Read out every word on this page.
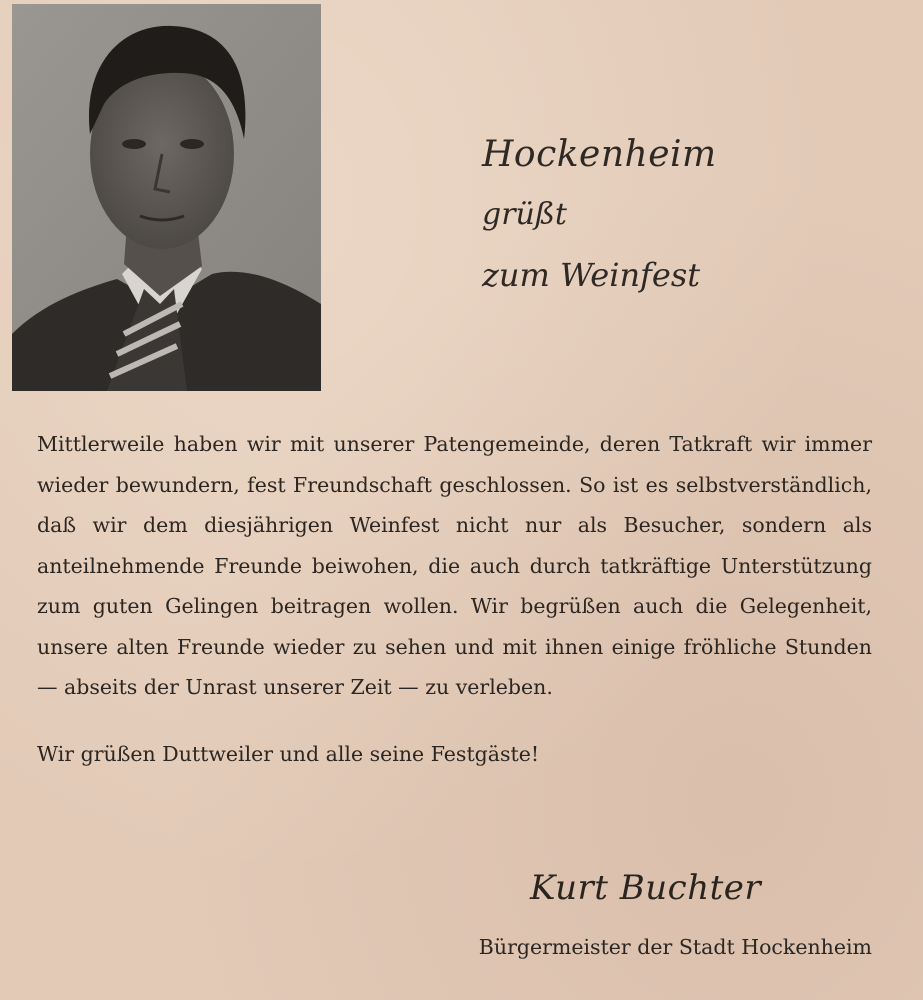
Hockenheim
grüßt
zum Weinfest

Mittlerweile haben wir mit unserer Patengemeinde, deren Tatkraft wir immer wieder bewundern, fest Freundschaft geschlossen. So ist es selbstverständlich, daß wir dem diesjährigen Weinfest nicht nur als Besucher, sondern als anteilnehmende Freunde beiwohen, die auch durch tatkräftige Unterstützung zum guten Gelingen beitragen wollen. Wir begrüßen auch die Gelegenheit, unsere alten Freunde wieder zu sehen und mit ihnen einige fröhliche Stunden — abseits der Unrast unserer Zeit — zu verleben.

Wir grüßen Duttweiler und alle seine Festgäste!

Kurt Buchter
Bürgermeister der Stadt Hockenheim
